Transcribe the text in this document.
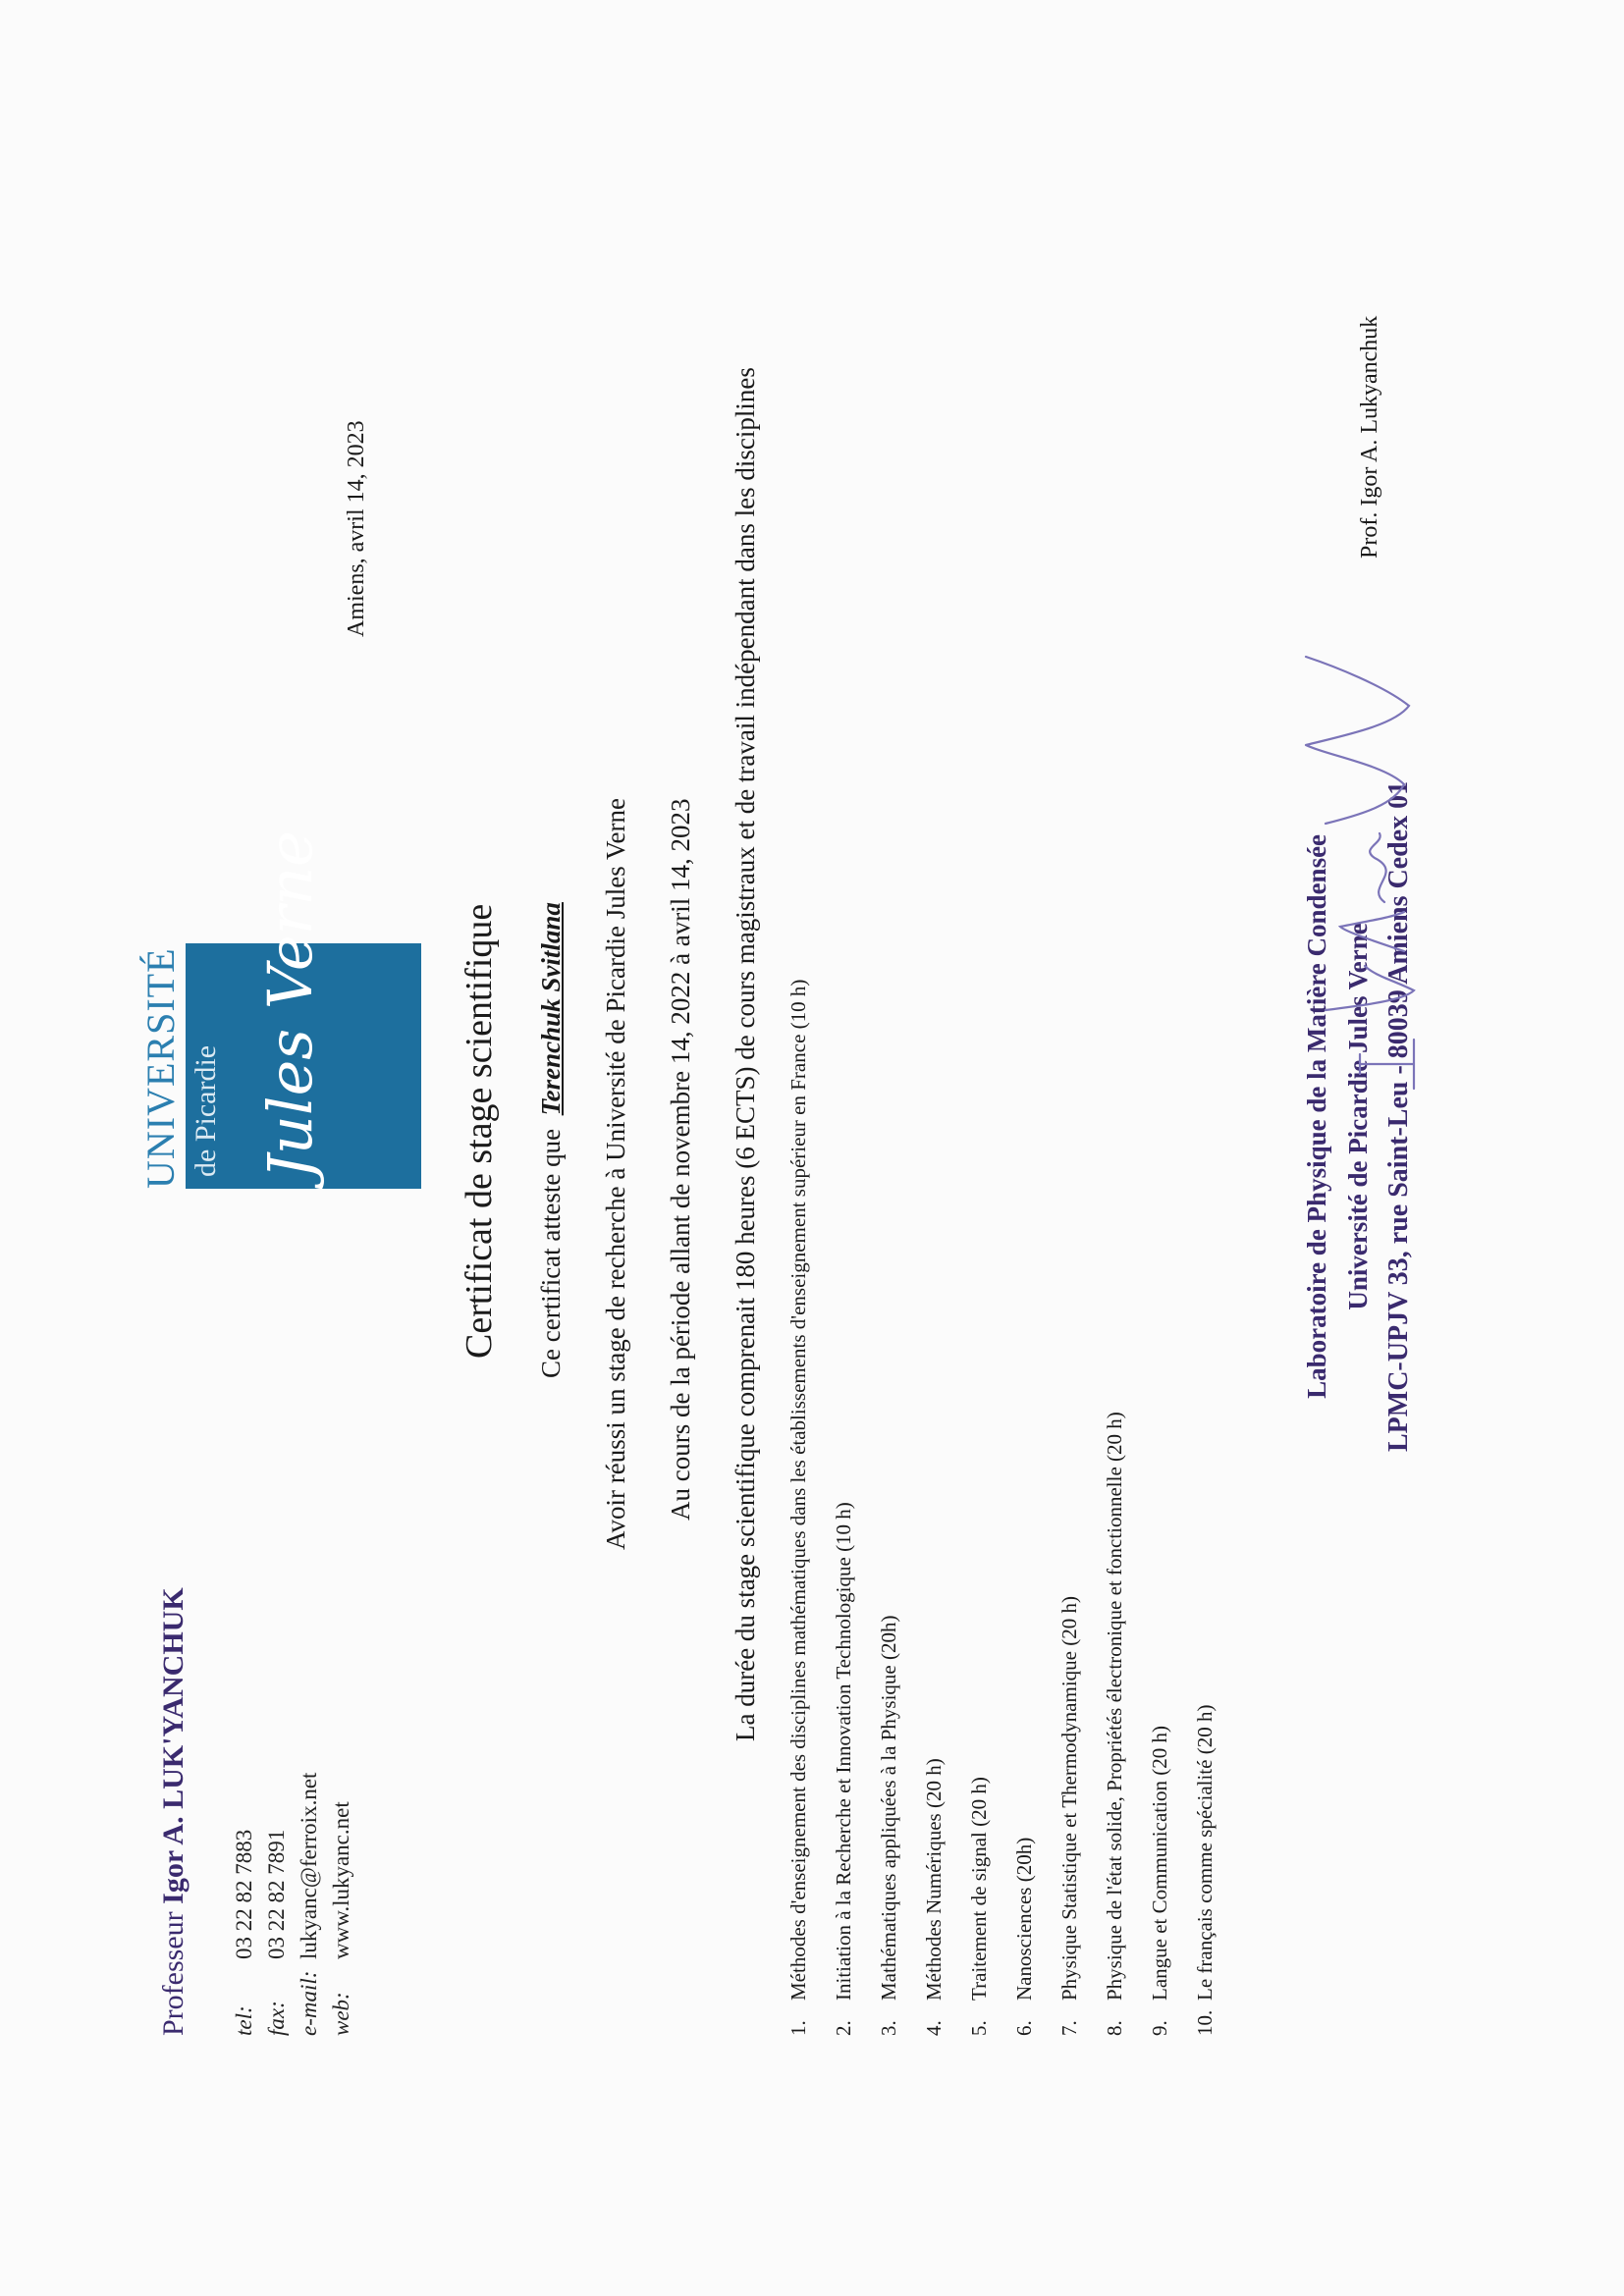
Professeur Igor A. LUK'YANCHUK
tel:03 22 82 7883
fax:03 22 82 7891
e-mail:lukyanc@ferroix.net
web:www.lukyanc.net
UNIVERSITÉ de Picardie Jules Verne
Amiens, avril 14, 2023
Certificat de stage scientifique Ce certificat atteste que  Terenchuk Svitlana Avoir réussi un stage de recherche à Université de Picardie Jules Verne Au cours de la période allant de novembre 14, 2022 à avril 14, 2023 La durée du stage scientifique comprenait 180 heures (6 ECTS) de cours magistraux et de travail indépendant dans les disciplines
1.Méthodes d'enseignement des disciplines mathématiques dans les établissements d'enseignement supérieur en France (10 h)
2.Initiation à la Recherche et Innovation Technologique (10 h)
3.Mathématiques appliquées à la Physique (20h)
4.Méthodes Numériques (20 h)
5.Traitement de signal (20 h)
6.Nanosciences (20h)
7.Physique Statistique et Thermodynamique (20 h)
8.Physique de l'état solide, Propriétés électronique et fonctionnelle (20 h)
9.Langue et Communication (20 h)
10.Le français comme spécialité (20 h)
Laboratoire de Physique de la Matière Condensée Université de Picardie Jules Verne LPMC-UPJV 33, rue Saint-Leu - 80039 Amiens Cedex 01
Prof. Igor A. Lukyanchuk
